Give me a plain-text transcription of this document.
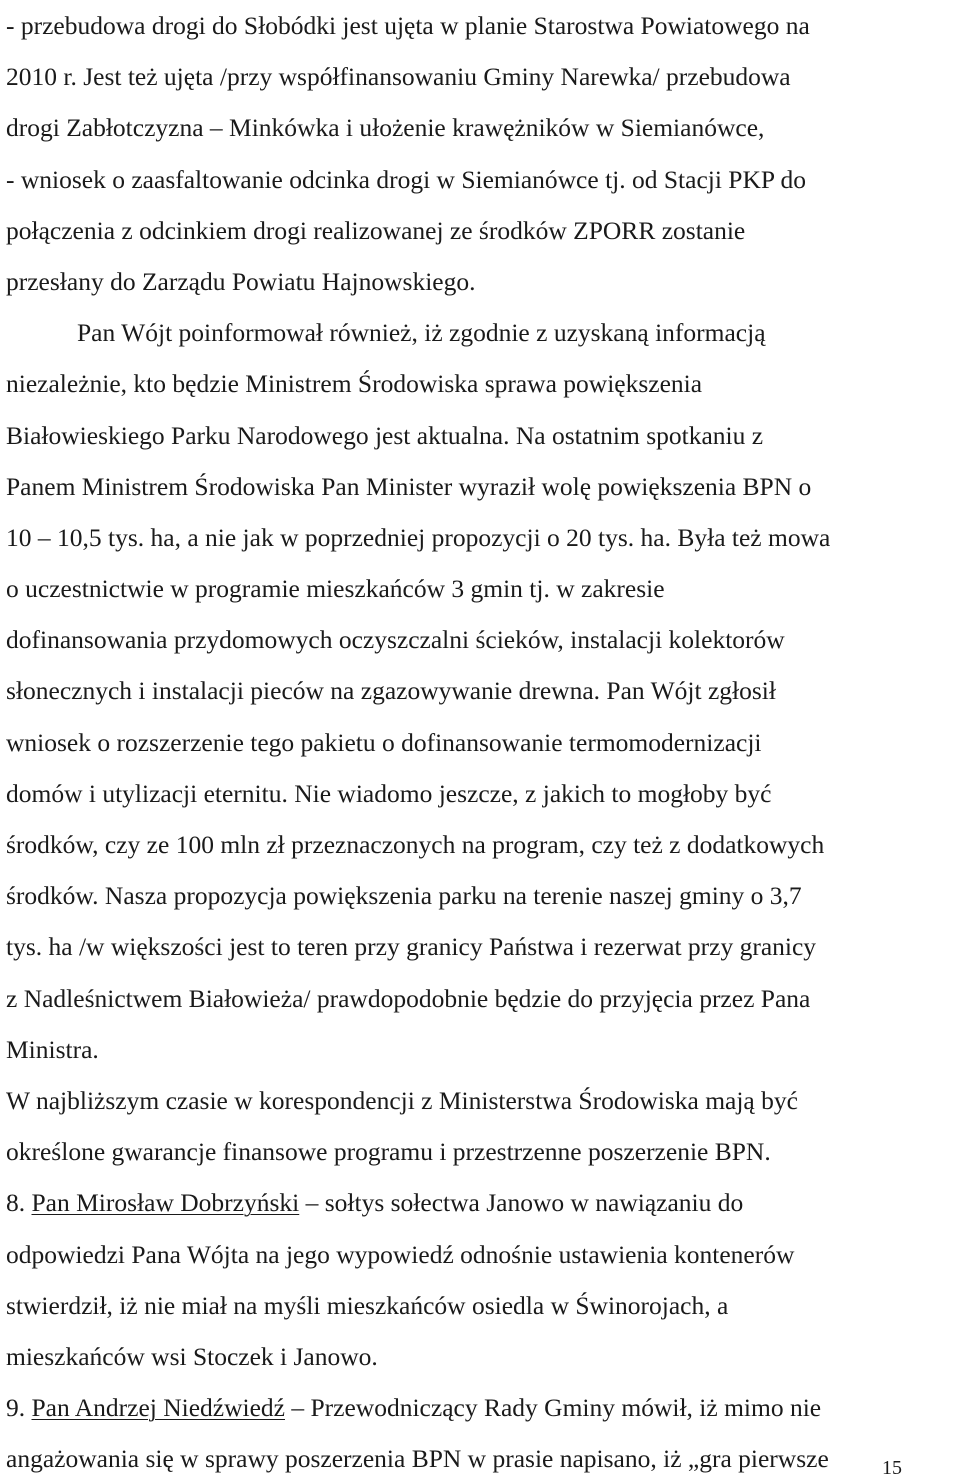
- przebudowa drogi do Słobódki jest ujęta w planie Starostwa Powiatowego na
2010 r. Jest też ujęta /przy współfinansowaniu Gminy Narewka/ przebudowa
drogi Zabłotczyzna – Minkówka i ułożenie krawężników w Siemianówce,
- wniosek o zaasfaltowanie odcinka drogi w Siemianówce tj. od Stacji PKP do
połączenia z odcinkiem drogi realizowanej ze środków ZPORR zostanie
przesłany do Zarządu Powiatu Hajnowskiego.
Pan Wójt poinformował również, iż zgodnie z uzyskaną informacją
niezależnie, kto będzie Ministrem Środowiska sprawa powiększenia
Białowieskiego Parku Narodowego jest aktualna. Na ostatnim spotkaniu z
Panem Ministrem Środowiska Pan Minister wyraził wolę powiększenia BPN o
10 – 10,5 tys. ha, a nie jak w poprzedniej propozycji o 20 tys. ha. Była też mowa
o uczestnictwie w programie mieszkańców 3 gmin tj. w zakresie
dofinansowania przydomowych oczyszczalni ścieków, instalacji kolektorów
słonecznych i instalacji pieców na zgazowywanie drewna. Pan Wójt zgłosił
wniosek o rozszerzenie tego pakietu o dofinansowanie termomodernizacji
domów i utylizacji eternitu. Nie wiadomo jeszcze, z jakich to mogłoby być
środków, czy ze 100 mln zł przeznaczonych na program, czy też z dodatkowych
środków. Nasza propozycja powiększenia parku na terenie naszej gminy o 3,7
tys. ha /w większości jest to teren przy granicy Państwa i rezerwat przy granicy
z Nadleśnictwem Białowieża/ prawdopodobnie będzie do przyjęcia przez Pana
Ministra.
W najbliższym czasie w korespondencji z Ministerstwa Środowiska mają być
określone gwarancje finansowe programu i przestrzenne poszerzenie BPN.
8. Pan Mirosław Dobrzyński – sołtys sołectwa Janowo w nawiązaniu do
odpowiedzi Pana Wójta na jego wypowiedź odnośnie ustawienia kontenerów
stwierdził, iż nie miał na myśli mieszkańców osiedla w Świnorojach, a
mieszkańców wsi Stoczek i Janowo.
9. Pan Andrzej Niedźwiedź – Przewodniczący Rady Gminy mówił, iż mimo nie
angażowania się w sprawy poszerzenia BPN w prasie napisano, iż „gra pierwsze	15
